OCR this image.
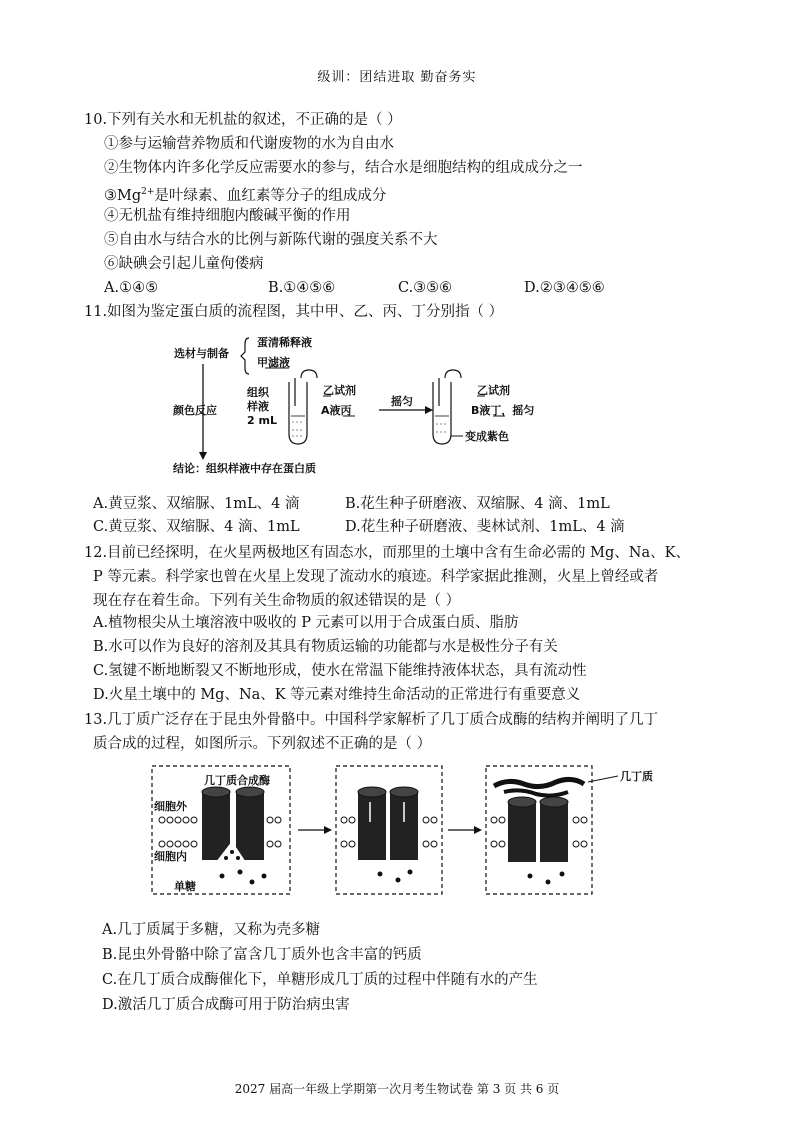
级训：团结进取 勤奋务实
10.下列有关水和无机盐的叙述，不正确的是（ ）
①参与运输营养物质和代谢废物的水为自由水
②生物体内许多化学反应需要水的参与，结合水是细胞结构的组成成分之一
$③Mg^{2+}$是叶绿素、血红素等分子的组成成分
④无机盐有维持细胞内酸碱平衡的作用
⑤自由水与结合水的比例与新陈代谢的强度关系不大
⑥缺碘会引起儿童佝偻病
A.①④⑤	B.①④⑤⑥	C.③⑤⑥	D.②③④⑤⑥
11.如图为鉴定蛋白质的流程图，其中甲、乙、丙、丁分别指（ ）
选材与制备
蛋清稀释液
甲滤液
颜色反应
组织
样液
2 mL
乙试剂
A液丙
摇匀
乙试剂
B液丁，摇匀
变成紫色
结论：组织样液中存在蛋白质
A.黄豆浆、双缩脲、1mL、4 滴	B.花生种子研磨液、双缩脲、4 滴、1mL
C.黄豆浆、双缩脲、4 滴、1mL	D.花生种子研磨液、斐林试剂、1mL、4 滴
12.目前已经探明，在火星两极地区有固态水，而那里的土壤中含有生命必需的 Mg、Na、K、
P 等元素。科学家也曾在火星上发现了流动水的痕迹。科学家据此推测，火星上曾经或者
现在存在着生命。下列有关生命物质的叙述错误的是（ ）
A.植物根尖从土壤溶液中吸收的 P 元素可以用于合成蛋白质、脂肪
B.水可以作为良好的溶剂及其具有物质运输的功能都与水是极性分子有关
C.氢键不断地断裂又不断地形成，使水在常温下能维持液体状态，具有流动性
D.火星土壤中的 Mg、Na、K 等元素对维持生命活动的正常进行有重要意义
13.几丁质广泛存在于昆虫外骨骼中。中国科学家解析了几丁质合成酶的结构并阐明了几丁
质合成的过程，如图所示。下列叙述不正确的是（ ）
几丁质合成酶
细胞外
细胞内
单糖
几丁质
A.几丁质属于多糖，又称为壳多糖
B.昆虫外骨骼中除了富含几丁质外也含丰富的钙质
C.在几丁质合成酶催化下，单糖形成几丁质的过程中伴随有水的产生
D.激活几丁质合成酶可用于防治病虫害
2027 届高一年级上学期第一次月考生物试卷 第 3 页 共 6 页
